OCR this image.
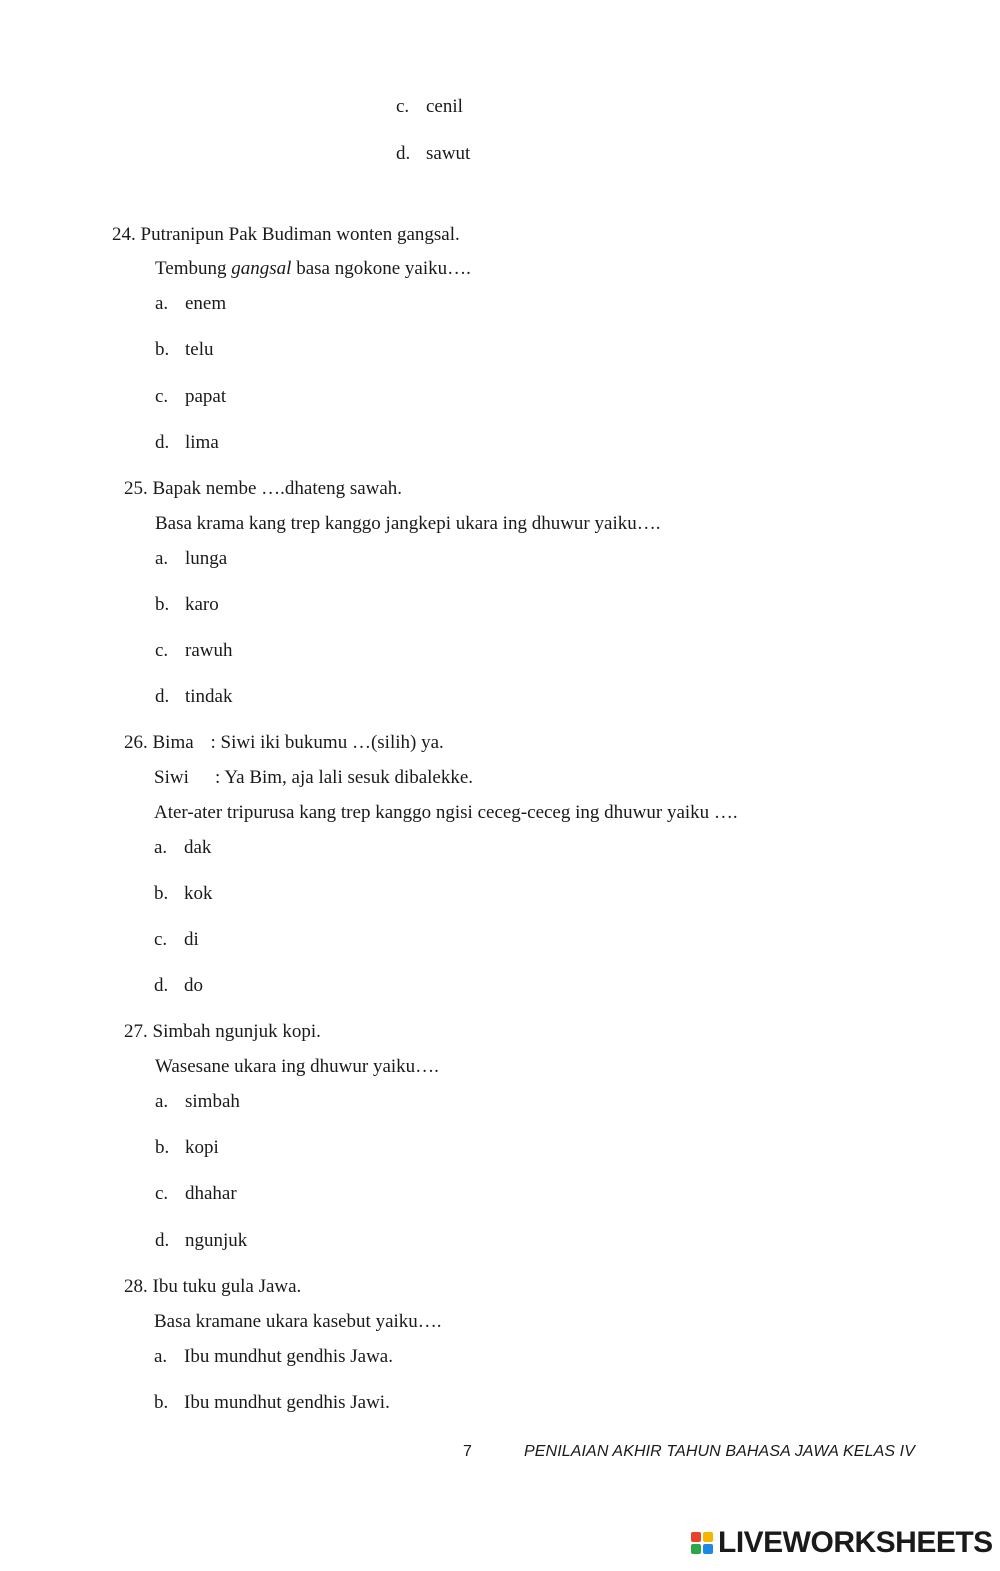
c. cenil
d. sawut
24. Putranipun Pak Budiman wonten gangsal.
Tembung gangsal basa ngokone yaiku….
a. enem
b. telu
c. papat
d. lima
25. Bapak nembe ….dhateng sawah.
Basa krama kang trep kanggo jangkepi ukara ing dhuwur yaiku….
a. lunga
b. karo
c. rawuh
d. tindak
26. Bima : Siwi iki bukumu …(silih) ya.
Siwi : Ya Bim, aja lali sesuk dibalekke.
Ater-ater tripurusa kang trep kanggo ngisi ceceg-ceceg ing dhuwur yaiku ….
a. dak
b. kok
c. di
d. do
27. Simbah ngunjuk kopi.
Wasesane ukara ing dhuwur yaiku….
a. simbah
b. kopi
c. dhahar
d. ngunjuk
28. Ibu tuku gula Jawa.
Basa kramane ukara kasebut yaiku….
a. Ibu mundhut gendhis Jawa.
b. Ibu mundhut gendhis Jawi.
7	PENILAIAN AKHIR TAHUN BAHASA JAWA KELAS IV
LIVEWORKSHEETS
